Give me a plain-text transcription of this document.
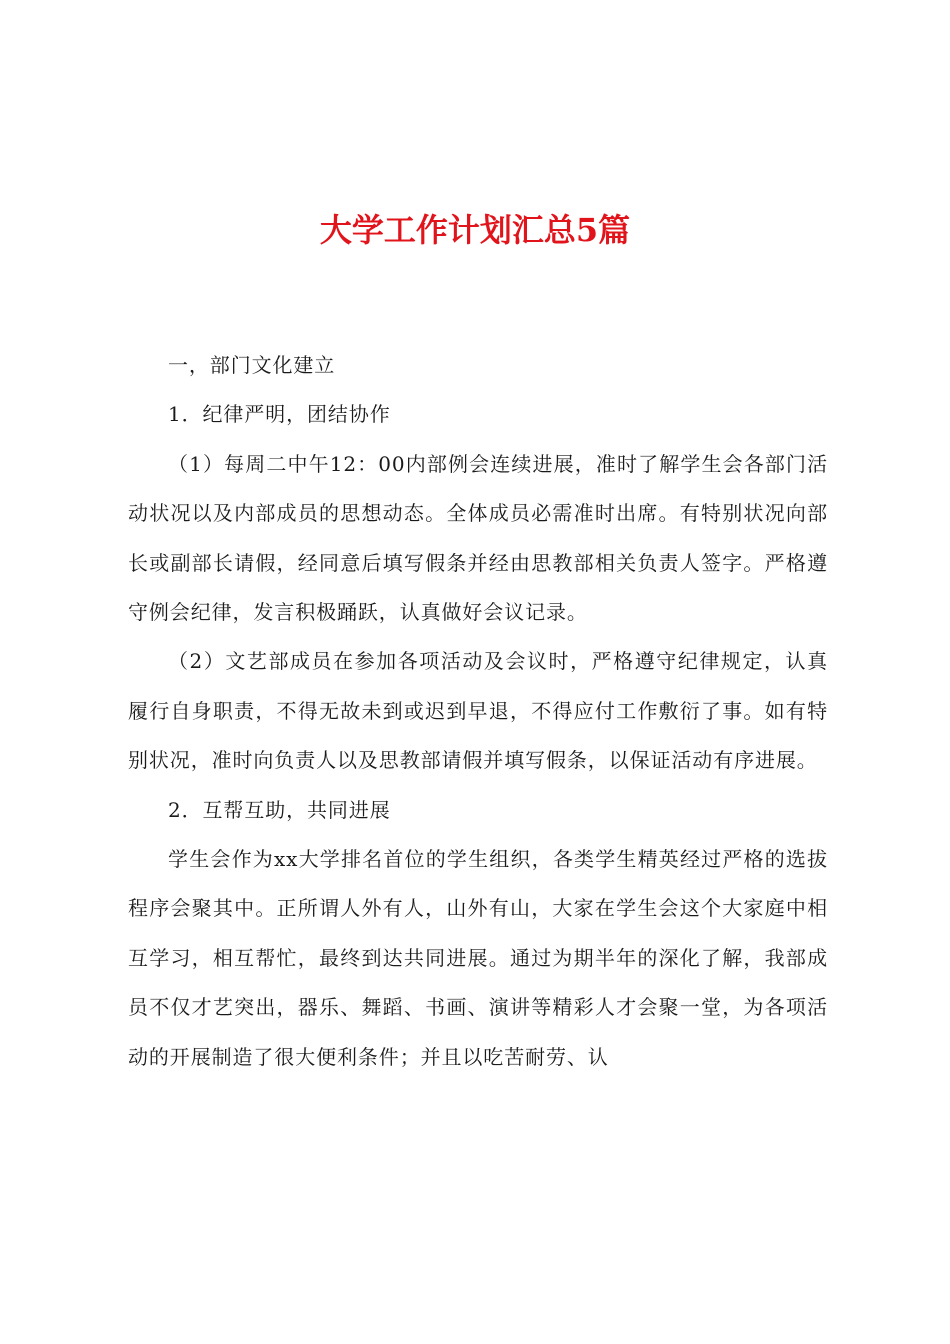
大学工作计划汇总5篇

一，部门文化建立

1．纪律严明，团结协作

（1）每周二中午12：00内部例会连续进展，准时了解学生会各部门活动状况以及内部成员的思想动态。全体成员必需准时出席。有特别状况向部长或副部长请假，经同意后填写假条并经由思教部相关负责人签字。严格遵守例会纪律，发言积极踊跃，认真做好会议记录。

（2）文艺部成员在参加各项活动及会议时，严格遵守纪律规定，认真履行自身职责，不得无故未到或迟到早退，不得应付工作敷衍了事。如有特别状况，准时向负责人以及思教部请假并填写假条，以保证活动有序进展。

2．互帮互助，共同进展

学生会作为xx大学排名首位的学生组织，各类学生精英经过严格的选拔程序会聚其中。正所谓人外有人，山外有山，大家在学生会这个大家庭中相互学习，相互帮忙，最终到达共同进展。通过为期半年的深化了解，我部成员不仅才艺突出，器乐、舞蹈、书画、演讲等精彩人才会聚一堂，为各项活动的开展制造了很大便利条件；并且以吃苦耐劳、认
